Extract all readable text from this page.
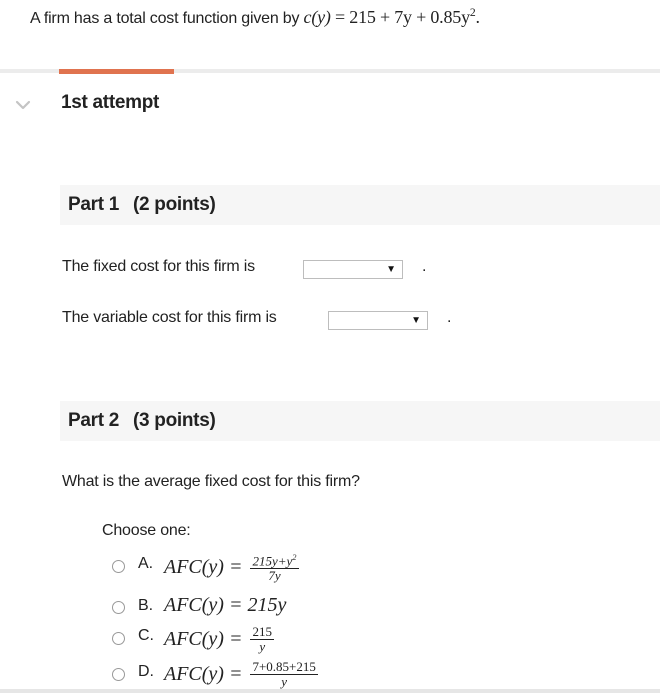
A firm has a total cost function given by $c(y) = 215 + 7y + 0.85y^2$.
1st attempt
Part 1 (2 points)
The fixed cost for this firm is	▼ .
The variable cost for this firm is	▼ .
Part 2 (3 points)
What is the average fixed cost for this firm?
Choose one:
A. $AFC(y) = \frac{215y+y^2}{7y}$
B. AFC(y) = 215y
C. $AFC(y) = \frac{215}{y}$
D. $AFC(y) = \frac{7+0.85+215}{y}$
